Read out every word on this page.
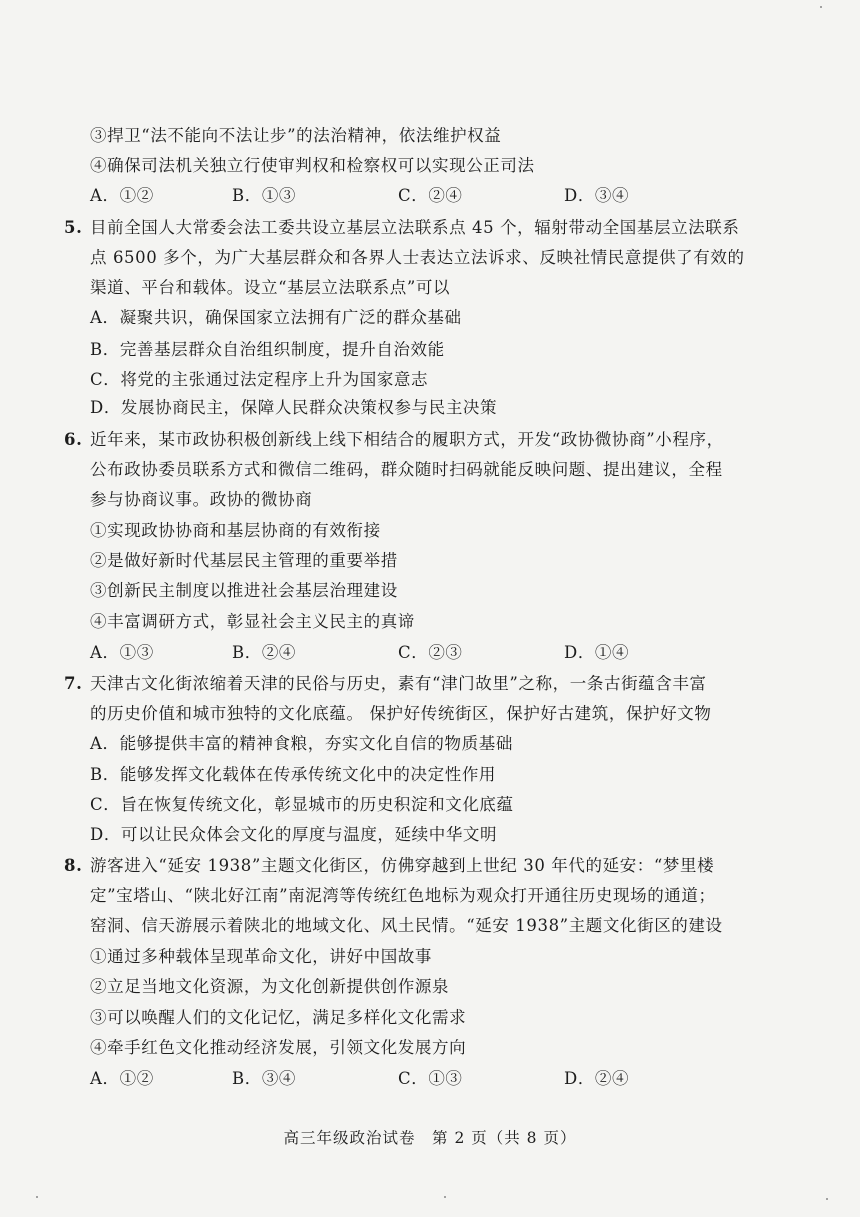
③捍卫“法不能向不法让步”的法治精神，依法维护权益
④确保司法机关独立行使审判权和检察权可以实现公正司法
A．①②	B．①③	C．②④	D．③④
5. 目前全国人大常委会法工委共设立基层立法联系点 45 个，辐射带动全国基层立法联系
点 6500 多个，为广大基层群众和各界人士表达立法诉求、反映社情民意提供了有效的
渠道、平台和载体。设立“基层立法联系点”可以
A．凝聚共识，确保国家立法拥有广泛的群众基础
B．完善基层群众自治组织制度，提升自治效能
C．将党的主张通过法定程序上升为国家意志
D．发展协商民主，保障人民群众决策权参与民主决策
6. 近年来，某市政协积极创新线上线下相结合的履职方式，开发“政协微协商”小程序，
公布政协委员联系方式和微信二维码，群众随时扫码就能反映问题、提出建议，全程
参与协商议事。政协的微协商
①实现政协协商和基层协商的有效衔接
②是做好新时代基层民主管理的重要举措
③创新民主制度以推进社会基层治理建设
④丰富调研方式，彰显社会主义民主的真谛
A．①③	B．②④	C．②③	D．①④
7. 天津古文化街浓缩着天津的民俗与历史，素有“津门故里”之称，一条古街蕴含丰富
的历史价值和城市独特的文化底蕴。 保护好传统街区，保护好古建筑，保护好文物
A．能够提供丰富的精神食粮，夯实文化自信的物质基础
B．能够发挥文化载体在传承传统文化中的决定性作用
C．旨在恢复传统文化，彰显城市的历史积淀和文化底蕴
D．可以让民众体会文化的厚度与温度，延续中华文明
8. 游客进入“延安 1938”主题文化街区，仿佛穿越到上世纪 30 年代的延安：“梦里楼
定”宝塔山、“陕北好江南”南泥湾等传统红色地标为观众打开通往历史现场的通道；
窑洞、信天游展示着陕北的地域文化、风土民情。“延安 1938”主题文化街区的建设
①通过多种载体呈现革命文化，讲好中国故事
②立足当地文化资源，为文化创新提供创作源泉
③可以唤醒人们的文化记忆，满足多样化文化需求
④牵手红色文化推动经济发展，引领文化发展方向
A．①②	B．③④	C．①③	D．②④
高三年级政治试卷　第 2 页（共 8 页）
